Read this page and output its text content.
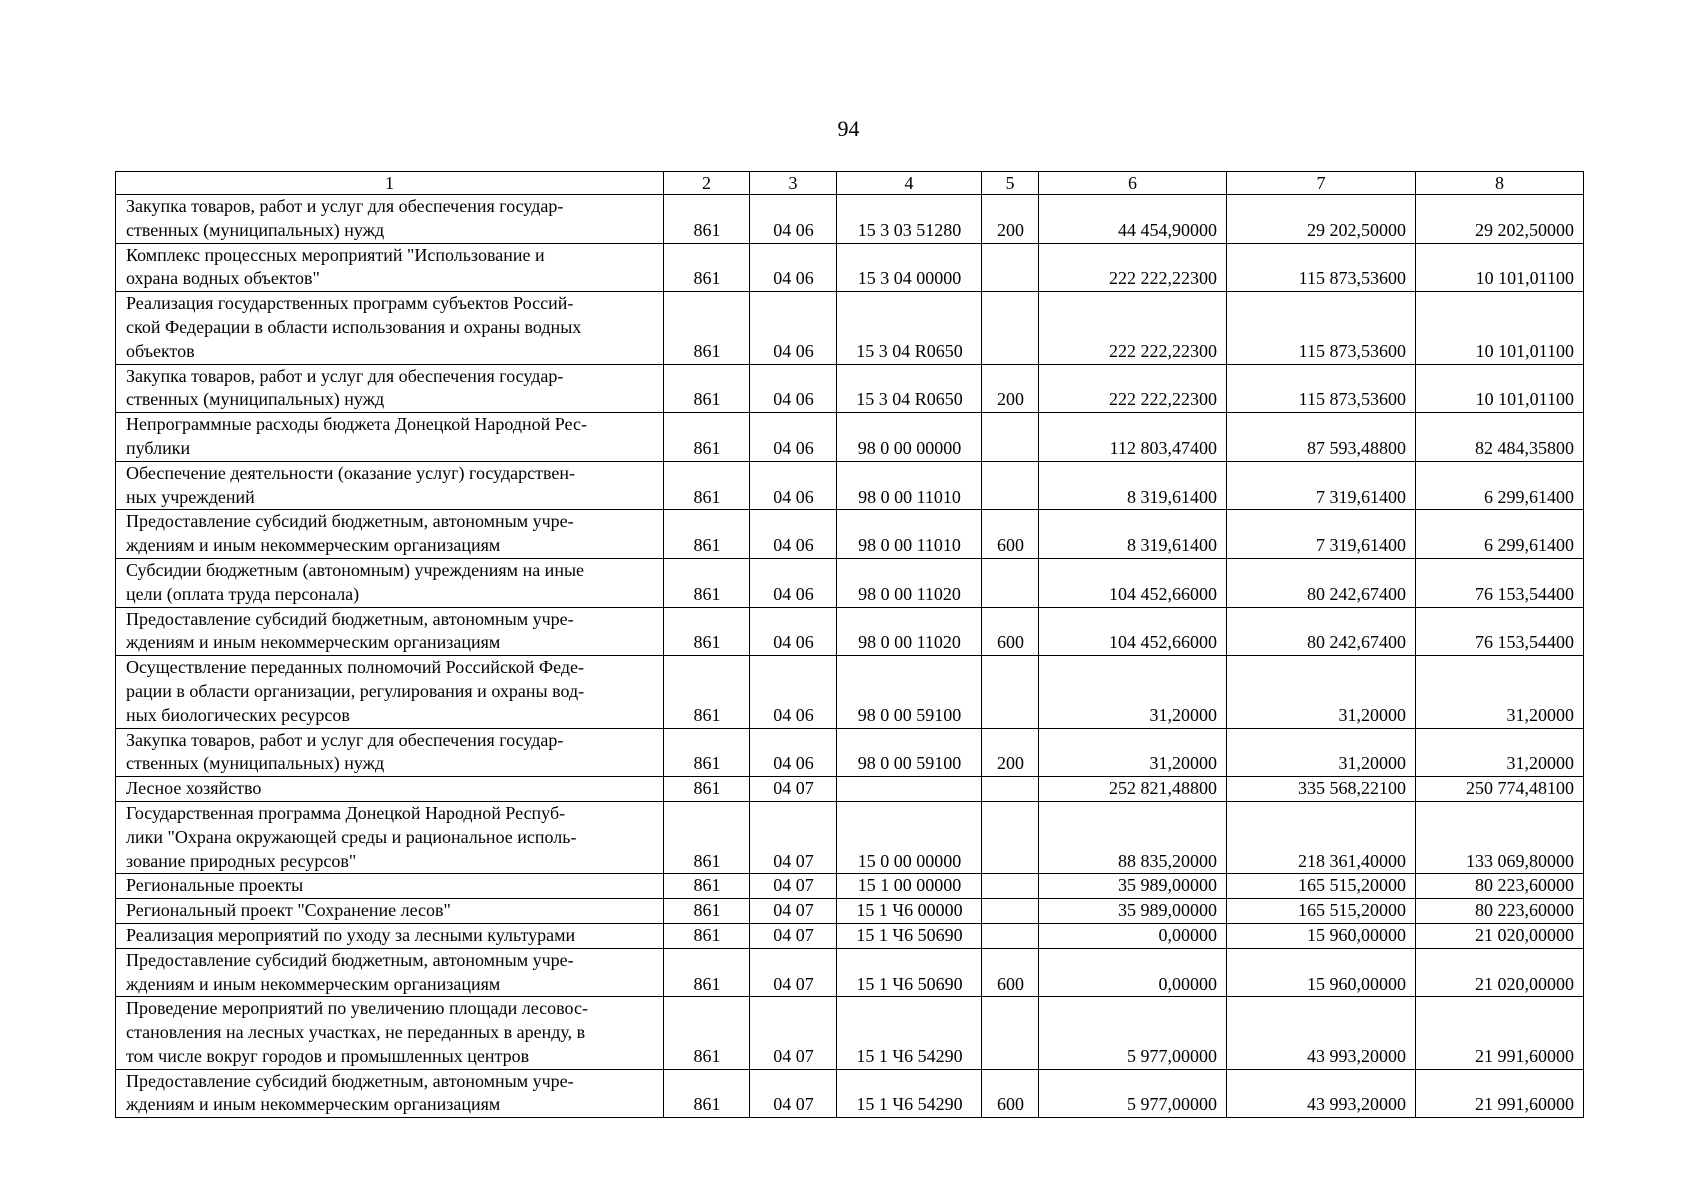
94
1	2	3	4	5	6	7	8

Закупка товаров, работ и услуг для обеспечения государ-
ственных (муниципальных) нужд	861	04 06	15 3 03 51280	200	44 454,90000	29 202,50000	29 202,50000

Комплекс процессных мероприятий "Использование и
охрана водных объектов"	861	04 06	15 3 04 00000		222 222,22300	115 873,53600	10 101,01100

Реализация государственных программ субъектов Россий-
ской Федерации в области использования и охраны водных
объектов	861	04 06	15 3 04 R0650		222 222,22300	115 873,53600	10 101,01100

Закупка товаров, работ и услуг для обеспечения государ-
ственных (муниципальных) нужд	861	04 06	15 3 04 R0650	200	222 222,22300	115 873,53600	10 101,01100

Непрограммные расходы бюджета Донецкой Народной Рес-
публики	861	04 06	98 0 00 00000		112 803,47400	87 593,48800	82 484,35800

Обеспечение деятельности (оказание услуг) государствен-
ных учреждений	861	04 06	98 0 00 11010		8 319,61400	7 319,61400	6 299,61400

Предоставление субсидий бюджетным, автономным учре-
ждениям и иным некоммерческим организациям	861	04 06	98 0 00 11010	600	8 319,61400	7 319,61400	6 299,61400

Субсидии бюджетным (автономным) учреждениям на иные
цели (оплата труда персонала)	861	04 06	98 0 00 11020		104 452,66000	80 242,67400	76 153,54400

Предоставление субсидий бюджетным, автономным учре-
ждениям и иным некоммерческим организациям	861	04 06	98 0 00 11020	600	104 452,66000	80 242,67400	76 153,54400

Осуществление переданных полномочий Российской Феде-
рации в области организации, регулирования и охраны вод-
ных биологических ресурсов	861	04 06	98 0 00 59100		31,20000	31,20000	31,20000

Закупка товаров, работ и услуг для обеспечения государ-
ственных (муниципальных) нужд	861	04 06	98 0 00 59100	200	31,20000	31,20000	31,20000

Лесное хозяйство	861	04 07			252 821,48800	335 568,22100	250 774,48100

Государственная программа Донецкой Народной Респуб-
лики "Охрана окружающей среды и рациональное исполь-
зование природных ресурсов"	861	04 07	15 0 00 00000		88 835,20000	218 361,40000	133 069,80000

Региональные проекты	861	04 07	15 1 00 00000		35 989,00000	165 515,20000	80 223,60000

Региональный проект "Сохранение лесов"	861	04 07	15 1 Ч6 00000		35 989,00000	165 515,20000	80 223,60000

Реализация мероприятий по уходу за лесными культурами	861	04 07	15 1 Ч6 50690		0,00000	15 960,00000	21 020,00000

Предоставление субсидий бюджетным, автономным учре-
ждениям и иным некоммерческим организациям	861	04 07	15 1 Ч6 50690	600	0,00000	15 960,00000	21 020,00000

Проведение мероприятий по увеличению площади лесовос-
становления на лесных участках, не переданных в аренду, в
том числе вокруг городов и промышленных центров	861	04 07	15 1 Ч6 54290		5 977,00000	43 993,20000	21 991,60000

Предоставление субсидий бюджетным, автономным учре-
ждениям и иным некоммерческим организациям	861	04 07	15 1 Ч6 54290	600	5 977,00000	43 993,20000	21 991,60000
